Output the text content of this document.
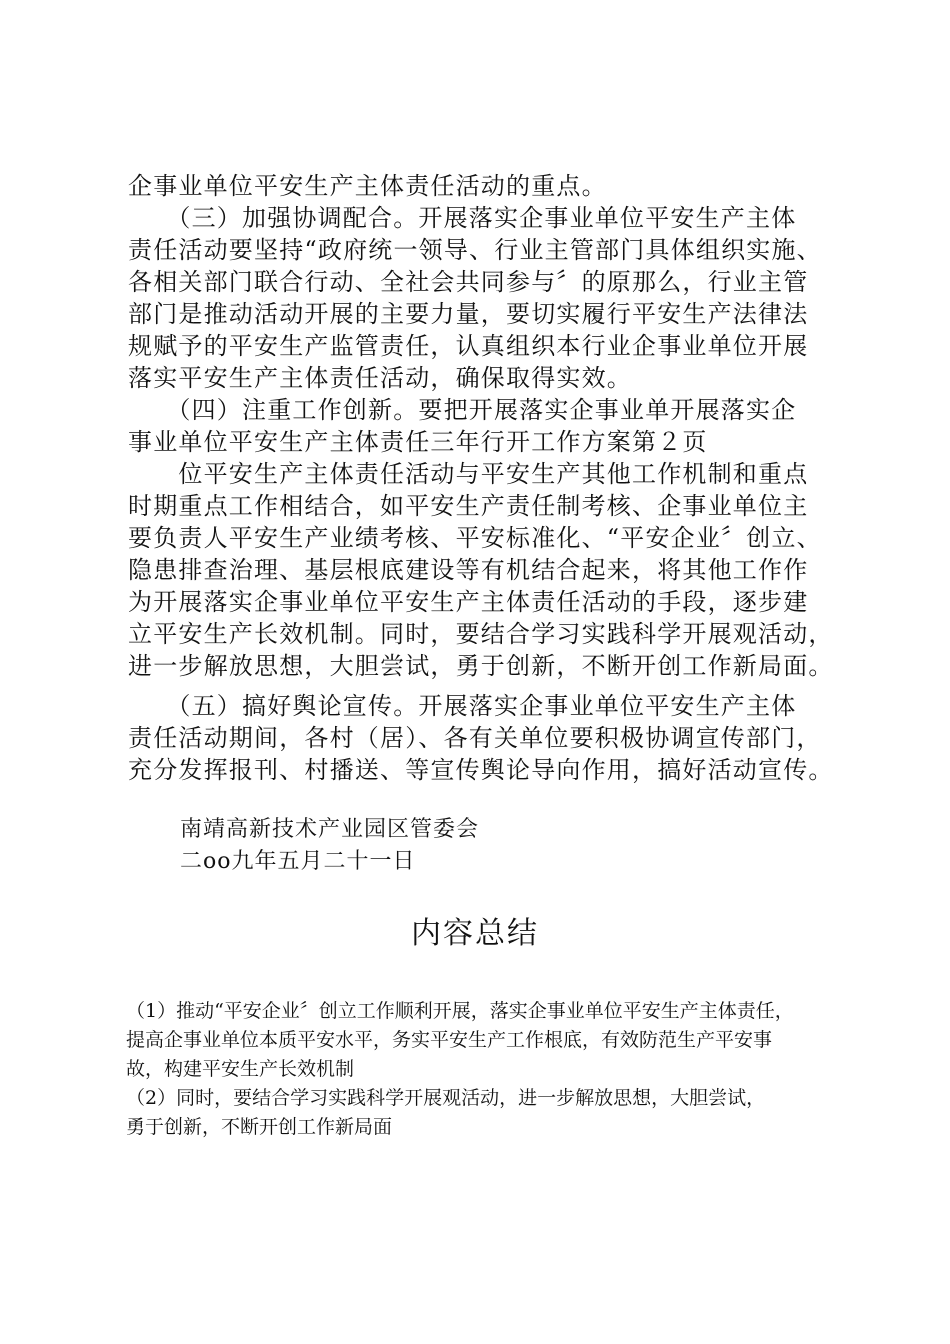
企事业单位平安生产主体责任活动的重点。
　　（三）加强协调配合。开展落实企事业单位平安生产主体
责任活动要坚持“政府统一领导、行业主管部门具体组织实施、
各相关部门联合行动、全社会共同参与〞的原那么，行业主管
部门是推动活动开展的主要力量，要切实履行平安生产法律法
规赋予的平安生产监管责任，认真组织本行业企事业单位开展
落实平安生产主体责任活动，确保取得实效。
　　（四）注重工作创新。要把开展落实企事业单开展落实企
事业单位平安生产主体责任三年行开工作方案第２页
　　位平安生产主体责任活动与平安生产其他工作机制和重点
时期重点工作相结合，如平安生产责任制考核、企事业单位主
要负责人平安生产业绩考核、平安标准化、“平安企业〞创立、
隐患排查治理、基层根底建设等有机结合起来，将其他工作作
为开展落实企事业单位平安生产主体责任活动的手段，逐步建
立平安生产长效机制。同时，要结合学习实践科学开展观活动，
进一步解放思想，大胆尝试，勇于创新，不断开创工作新局面。
　　（五）搞好舆论宣传。开展落实企事业单位平安生产主体
责任活动期间，各村（居）、各有关单位要积极协调宣传部门，
充分发挥报刊、村播送、等宣传舆论导向作用，搞好活动宣传。
南靖高新技术产业园区管委会
二oo九年五月二十一日
内容总结
（1）推动“平安企业〞创立工作顺利开展，落实企事业单位平安生产主体责任，
提高企事业单位本质平安水平，务实平安生产工作根底，有效防范生产平安事
故，构建平安生产长效机制
（2）同时，要结合学习实践科学开展观活动，进一步解放思想，大胆尝试，
勇于创新，不断开创工作新局面
